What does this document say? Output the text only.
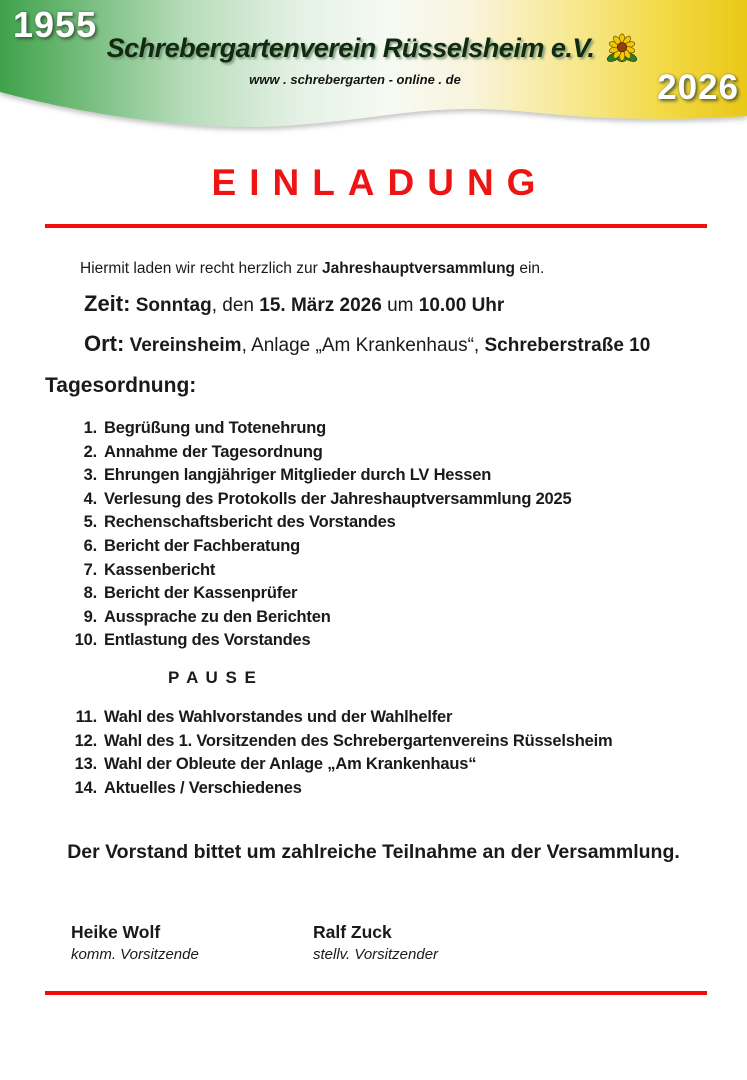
1955
2026
Schrebergartenverein Rüsselsheim e.V.
www . schrebergarten - online . de
EINLADUNG

Hiermit laden wir recht herzlich zur Jahreshauptversammlung ein.

Zeit: Sonntag, den 15. März 2026 um 10.00 Uhr

Ort: Vereinsheim, Anlage „Am Krankenhaus“, Schreberstraße 10

Tagesordnung:
1. Begrüßung und Totenehrung
2. Annahme der Tagesordnung
3. Ehrungen langjähriger Mitglieder durch LV Hessen
4. Verlesung des Protokolls der Jahreshauptversammlung 2025
5. Rechenschaftsbericht des Vorstandes
6. Bericht der Fachberatung
7. Kassenbericht
8. Bericht der Kassenprüfer
9. Aussprache zu den Berichten
10. Entlastung des Vorstandes
P A U S E
11. Wahl des Wahlvorstandes und der Wahlhelfer
12. Wahl des 1. Vorsitzenden des Schrebergartenvereins Rüsselsheim
13. Wahl der Obleute der Anlage „Am Krankenhaus“
14. Aktuelles / Verschiedenes

Der Vorstand bittet um zahlreiche Teilnahme an der Versammlung.

Heike Wolf
komm. Vorsitzende
Ralf Zuck
stellv. Vorsitzender
